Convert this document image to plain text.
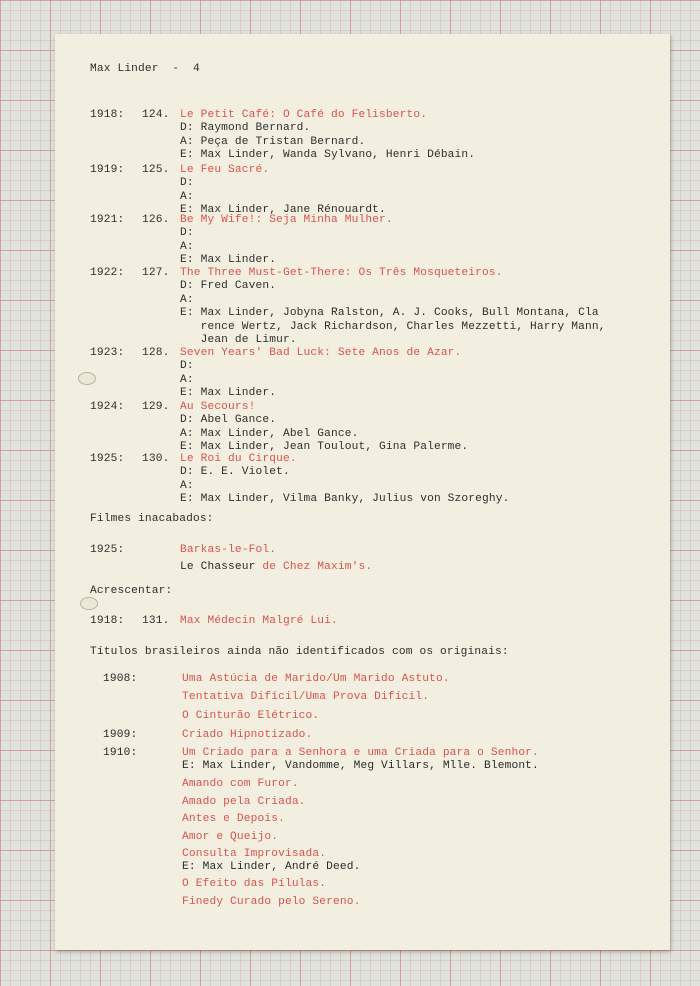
Max Linder  -  4
1918: 124. Le Petit Café: O Café do Felisberto.
D: Raymond Bernard.
A: Peça de Tristan Bernard.
E: Max Linder, Wanda Sylvano, Henri Débain.
1919: 125. Le Feu Sacré.
D:
A:
E: Max Linder, Jane Rénouardt.
1921: 126. Be My Wife!: Seja Minha Mulher.
D:
A:
E: Max Linder.
1922: 127. The Three Must-Get-There: Os Três Mosqueteiros.
D: Fred Caven.
A:
E: Max Linder, Jobyna Ralston, A. J. Cooks, Bull Montana, Cla
rence Wertz, Jack Richardson, Charles Mezzetti, Harry Mann,
Jean de Limur.
1923: 128. Seven Years' Bad Luck: Sete Anos de Azar.
D:
A:
E: Max Linder.
1924: 129. Au Secours!
D: Abel Gance.
A: Max Linder, Abel Gance.
E: Max Linder, Jean Toulout, Gina Palerme.
1925: 130. Le Roi du Cirque.
D: E. E. Violet.
A:
E: Max Linder, Vilma Banky, Julius von Szoreghy.
Filmes inacabados:
1925:	Barkas-le-Fol.
Le Chasseur de Chez Maxim's.
Acrescentar:
1918: 131. Max Médecin Malgré Lui.
Títulos brasileiros ainda não identificados com os originais:
1908:	Uma Astúcia de Marido/Um Marido Astuto.
Tentativa Difícil/Uma Prova Difícil.
O Cinturão Elétrico.
1909:	Criado Hipnotizado.
1910:	Um Criado para a Senhora e uma Criada para o Senhor.
E: Max Linder, Vandomme, Meg Villars, Mlle. Blemont.
Amando com Furor.
Amado pela Criada.
Antes e Depois.
Amor e Queijo.
Consulta Improvisada.
E: Max Linder, André Deed.
O Efeito das Pílulas.
Finedy Curado pelo Sereno.
